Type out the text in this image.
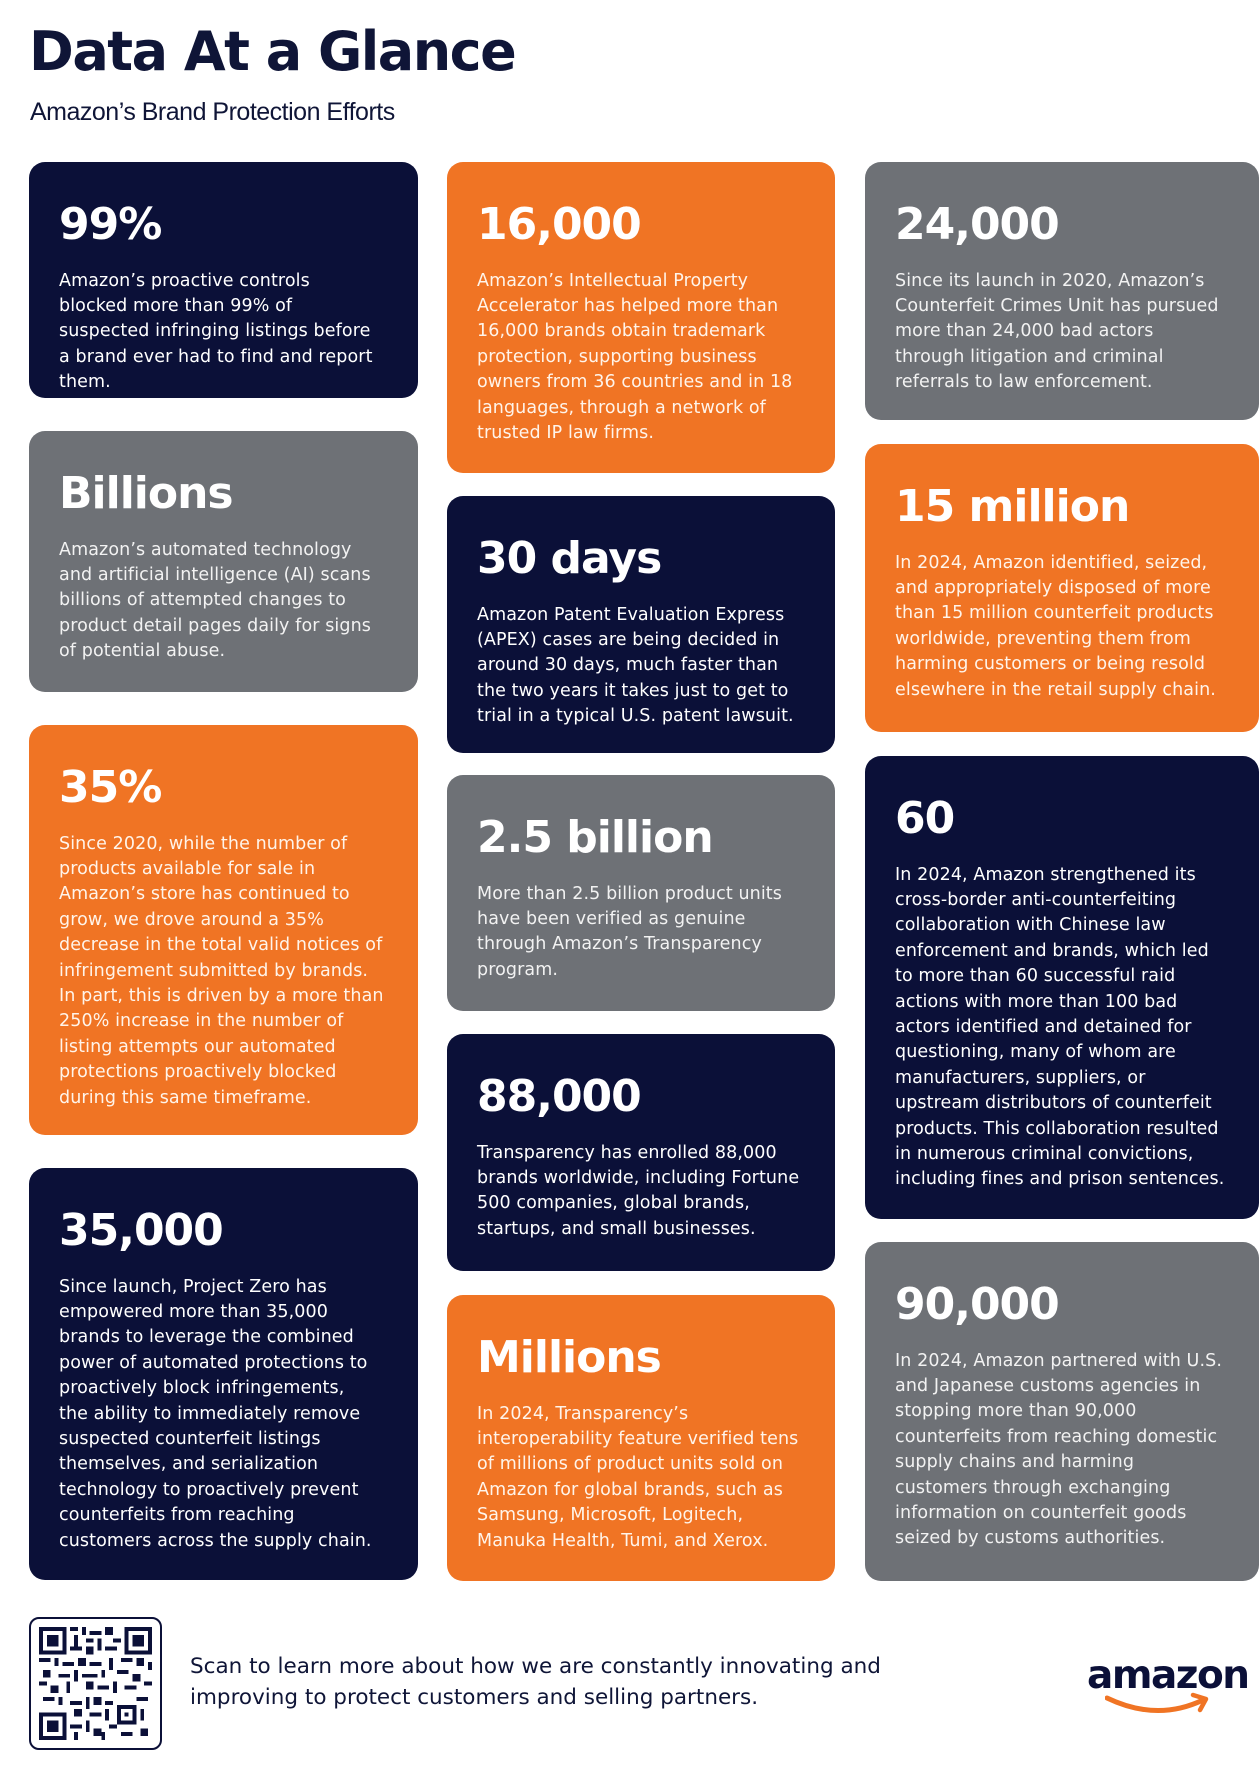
Data At a Glance
Amazon’s Brand Protection Efforts
99%
Amazon’s proactive controls blocked more than 99% of suspected infringing listings before a brand ever had to find and report them.
Billions
Amazon’s automated technology and artificial intelligence (AI) scans billions of attempted changes to product detail pages daily for signs of potential abuse.
35%
Since 2020, while the number of products available for sale in Amazon’s store has continued to grow, we drove around a 35% decrease in the total valid notices of infringement submitted by brands. In part, this is driven by a more than 250% increase in the number of listing attempts our automated protections proactively blocked during this same timeframe.
35,000
Since launch, Project Zero has empowered more than 35,000 brands to leverage the combined power of automated protections to proactively block infringements, the ability to immediately remove suspected counterfeit listings themselves, and serialization technology to proactively prevent counterfeits from reaching customers across the supply chain.
16,000
Amazon’s Intellectual Property Accelerator has helped more than 16,000 brands obtain trademark protection, supporting business owners from 36 countries and in 18 languages, through a network of trusted IP law firms.
30 days
Amazon Patent Evaluation Express (APEX) cases are being decided in around 30 days, much faster than the two years it takes just to get to trial in a typical U.S. patent lawsuit.
2.5 billion
More than 2.5 billion product units have been verified as genuine through Amazon’s Transparency program.
88,000
Transparency has enrolled 88,000 brands worldwide, including Fortune 500 companies, global brands, startups, and small businesses.
Millions
In 2024, Transparency’s interoperability feature verified tens of millions of product units sold on Amazon for global brands, such as Samsung, Microsoft, Logitech, Manuka Health, Tumi, and Xerox.
24,000
Since its launch in 2020, Amazon’s Counterfeit Crimes Unit has pursued more than 24,000 bad actors through litigation and criminal referrals to law enforcement.
15 million
In 2024, Amazon identified, seized, and appropriately disposed of more than 15 million counterfeit products worldwide, preventing them from harming customers or being resold elsewhere in the retail supply chain.
60
In 2024, Amazon strengthened its cross-border anti-counterfeiting collaboration with Chinese law enforcement and brands, which led to more than 60 successful raid actions with more than 100 bad actors identified and detained for questioning, many of whom are manufacturers, suppliers, or upstream distributors of counterfeit products. This collaboration resulted in numerous criminal convictions, including fines and prison sentences.
90,000
In 2024, Amazon partnered with U.S. and Japanese customs agencies in stopping more than 90,000 counterfeits from reaching domestic supply chains and harming customers through exchanging information on counterfeit goods seized by customs authorities.
Scan to learn more about how we are constantly innovating and improving to protect customers and selling partners.	amazon
